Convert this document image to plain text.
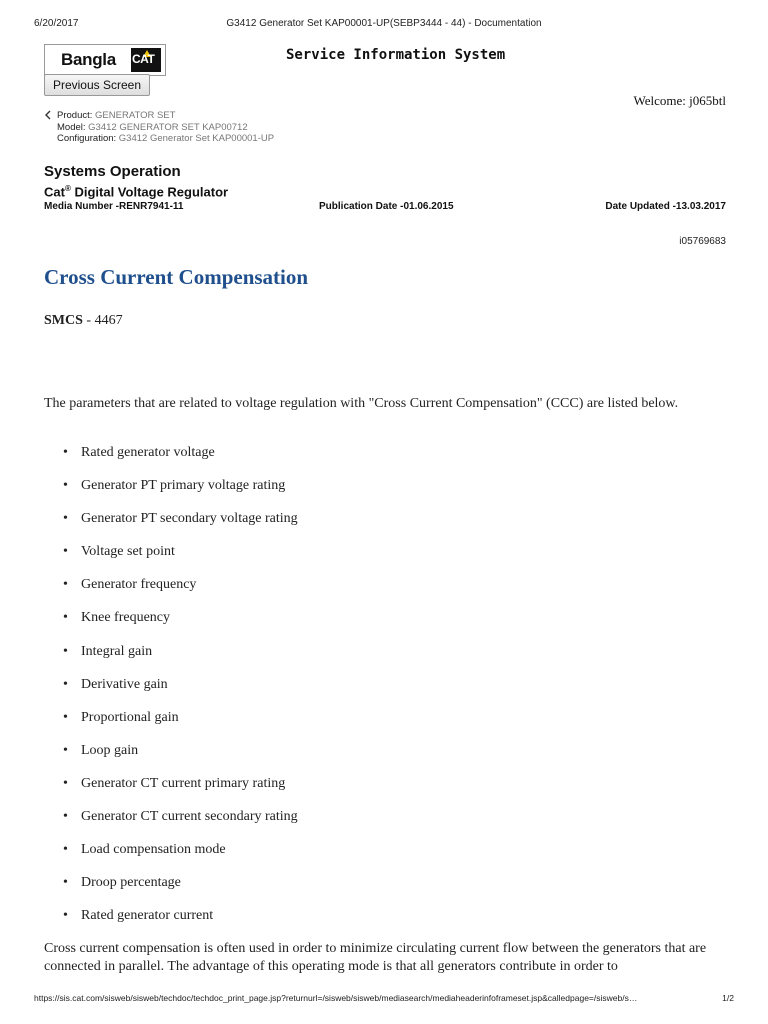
6/20/2017	G3412 Generator Set KAP00001-UP(SEBP3444 - 44) - Documentation
Bangla CAT
Previous Screen
Service Information System
Welcome: j065btl
Product: GENERATOR SET
Model: G3412 GENERATOR SET KAP00712
Configuration: G3412 Generator Set KAP00001-UP
Systems Operation
Cat® Digital Voltage Regulator
Media Number -RENR7941-11	Publication Date -01.06.2015	Date Updated -13.03.2017
i05769683
Cross Current Compensation
SMCS - 4467
The parameters that are related to voltage regulation with "Cross Current Compensation" (CCC) are listed below.
• Rated generator voltage
• Generator PT primary voltage rating
• Generator PT secondary voltage rating
• Voltage set point
• Generator frequency
• Knee frequency
• Integral gain
• Derivative gain
• Proportional gain
• Loop gain
• Generator CT current primary rating
• Generator CT current secondary rating
• Load compensation mode
• Droop percentage
• Rated generator current
Cross current compensation is often used in order to minimize circulating current flow between the generators that are connected in parallel. The advantage of this operating mode is that all generators contribute in order to
https://sis.cat.com/sisweb/sisweb/techdoc/techdoc_print_page.jsp?returnurl=/sisweb/sisweb/mediasearch/mediaheaderinfoframeset.jsp&calledpage=/sisweb/s…	1/2
